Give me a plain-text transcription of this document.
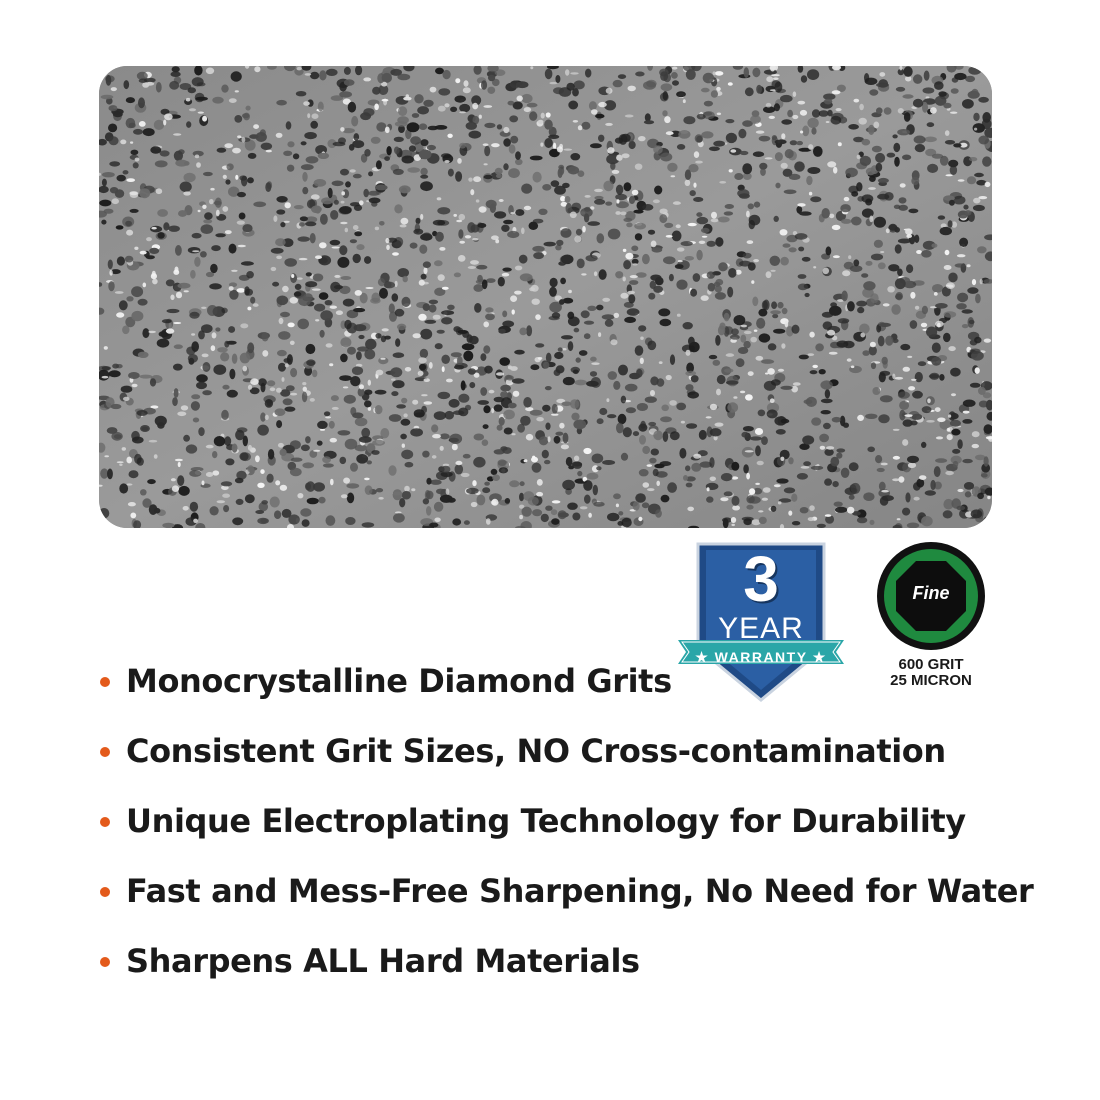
3
YEAR
★ WARRANTY ★
Fine
600 GRIT
25 MICRON
Monocrystalline Diamond Grits
Consistent Grit Sizes, NO Cross-contamination
Unique Electroplating Technology for Durability
Fast and Mess-Free Sharpening, No Need for Water
Sharpens ALL Hard Materials
